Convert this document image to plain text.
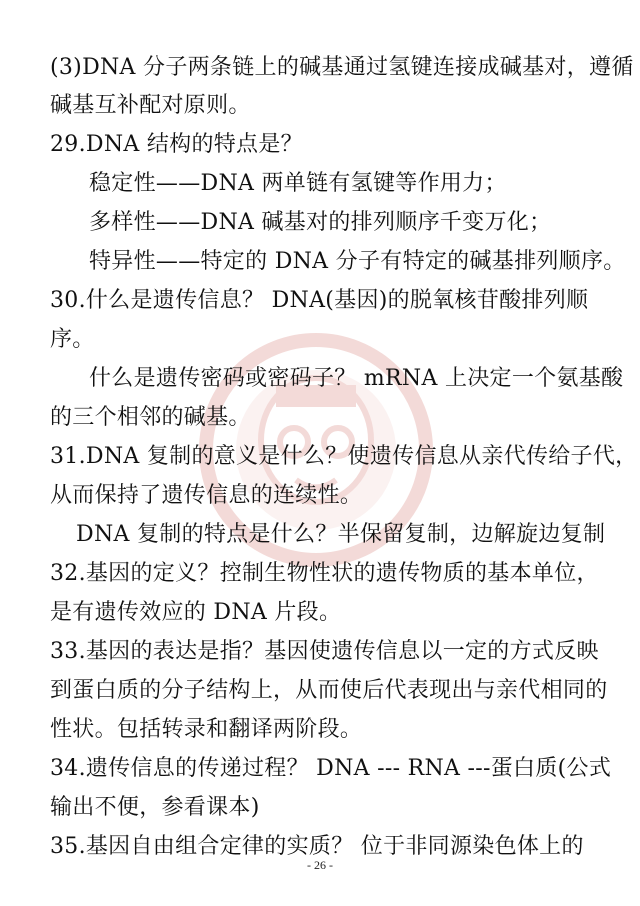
(3)DNA 分子两条链上的碱基通过氢键连接成碱基对，遵循
碱基互补配对原则。
29.DNA 结构的特点是？
稳定性——DNA 两单链有氢键等作用力；
多样性——DNA 碱基对的排列顺序千变万化；
特异性——特定的 DNA 分子有特定的碱基排列顺序。
30.什么是遗传信息？ DNA(基因)的脱氧核苷酸排列顺
序。
什么是遗传密码或密码子？ mRNA 上决定一个氨基酸
的三个相邻的碱基。
31.DNA 复制的意义是什么？使遗传信息从亲代传给子代，
从而保持了遗传信息的连续性。
DNA 复制的特点是什么？半保留复制，边解旋边复制
32.基因的定义？控制生物性状的遗传物质的基本单位，
是有遗传效应的 DNA 片段。
33.基因的表达是指？基因使遗传信息以一定的方式反映
到蛋白质的分子结构上，从而使后代表现出与亲代相同的
性状。包括转录和翻译两阶段。
34.遗传信息的传递过程？ DNA --- RNA ---蛋白质(公式
输出不便，参看课本)
35.基因自由组合定律的实质？ 位于非同源染色体上的
- 26 -
